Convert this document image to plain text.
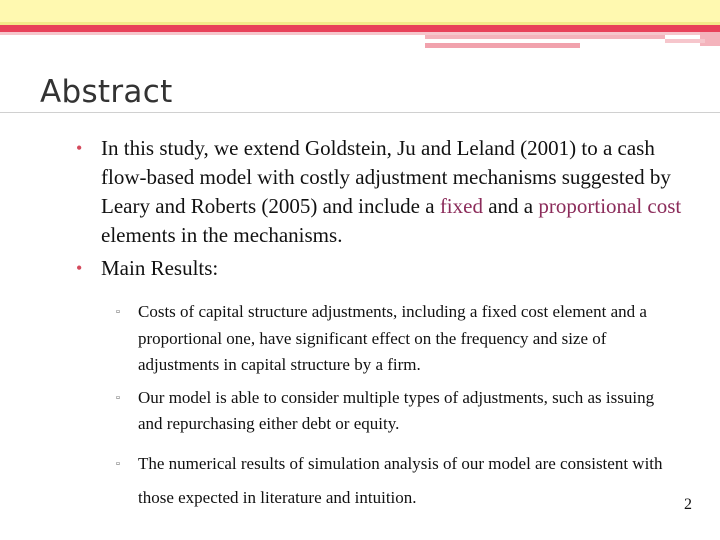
Abstract
• In this study, we extend Goldstein, Ju and Leland (2001) to a cash flow-based model with costly adjustment mechanisms suggested by Leary and Roberts (2005) and include a fixed and a proportional cost elements in the mechanisms.
• Main Results:
▫ Costs of capital structure adjustments, including a fixed cost element and a proportional one, have significant effect on the frequency and size of adjustments in capital structure by a firm.
▫ Our model is able to consider multiple types of adjustments, such as issuing and repurchasing either debt or equity.
▫ The numerical results of simulation analysis of our model are consistent with those expected in literature and intuition.	2
